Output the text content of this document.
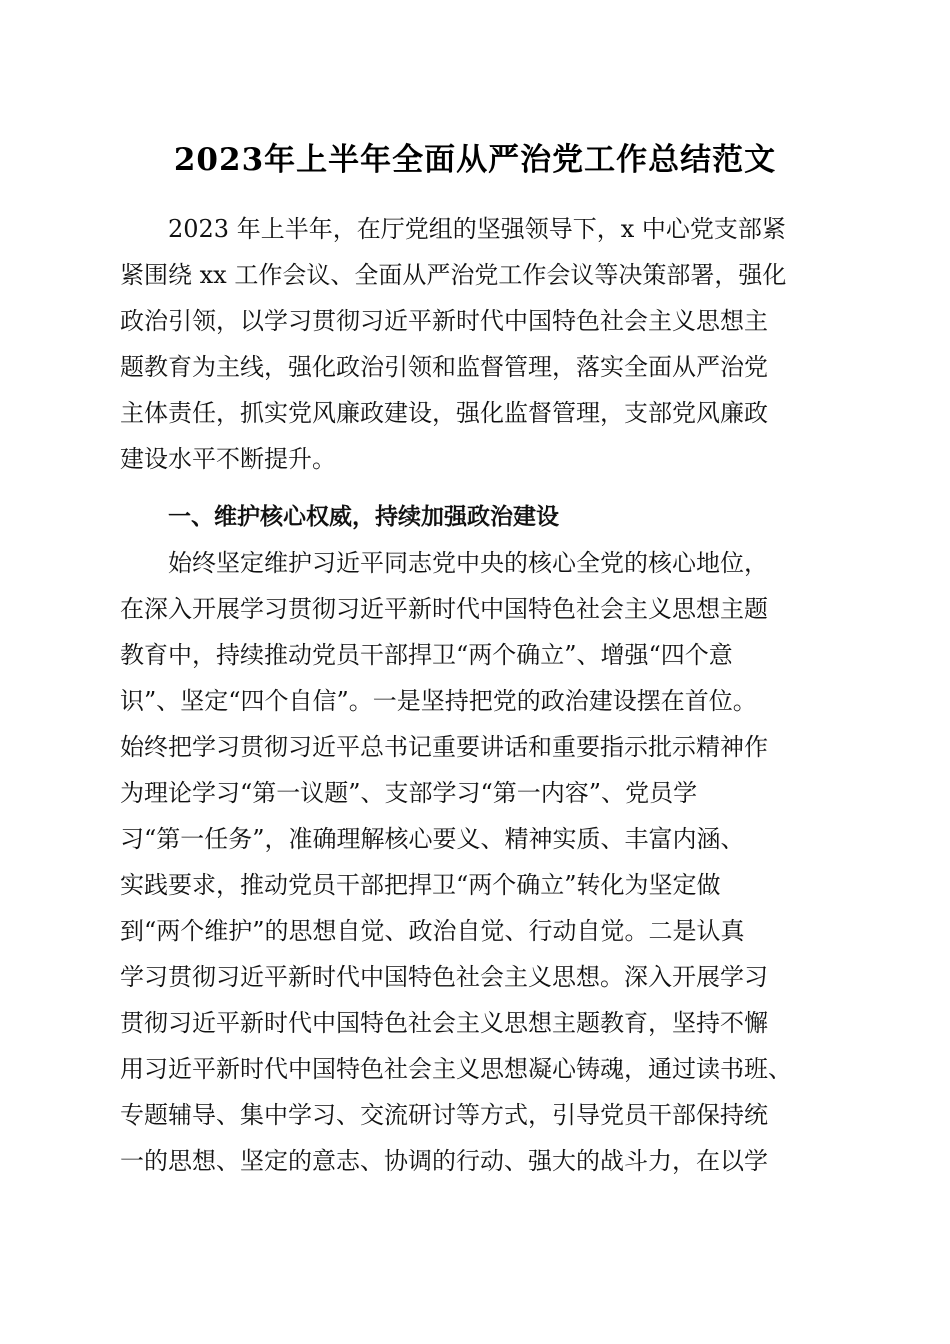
2023年上半年全面从严治党工作总结范文
2023 年上半年，在厅党组的坚强领导下，x 中心党支部紧
紧围绕 xx 工作会议、全面从严治党工作会议等决策部署，强化
政治引领，以学习贯彻习近平新时代中国特色社会主义思想主
题教育为主线，强化政治引领和监督管理，落实全面从严治党
主体责任，抓实党风廉政建设，强化监督管理，支部党风廉政
建设水平不断提升。
一、维护核心权威，持续加强政治建设
始终坚定维护习近平同志党中央的核心全党的核心地位，
在深入开展学习贯彻习近平新时代中国特色社会主义思想主题
教育中，持续推动党员干部捍卫“两个确立”、增强“四个意
识”、坚定“四个自信”。一是坚持把党的政治建设摆在首位。
始终把学习贯彻习近平总书记重要讲话和重要指示批示精神作
为理论学习“第一议题”、支部学习“第一内容”、党员学
习“第一任务”，准确理解核心要义、精神实质、丰富内涵、
实践要求，推动党员干部把捍卫“两个确立”转化为坚定做
到“两个维护”的思想自觉、政治自觉、行动自觉。二是认真
学习贯彻习近平新时代中国特色社会主义思想。深入开展学习
贯彻习近平新时代中国特色社会主义思想主题教育，坚持不懈
用习近平新时代中国特色社会主义思想凝心铸魂，通过读书班、
专题辅导、集中学习、交流研讨等方式，引导党员干部保持统
一的思想、坚定的意志、协调的行动、强大的战斗力，在以学
